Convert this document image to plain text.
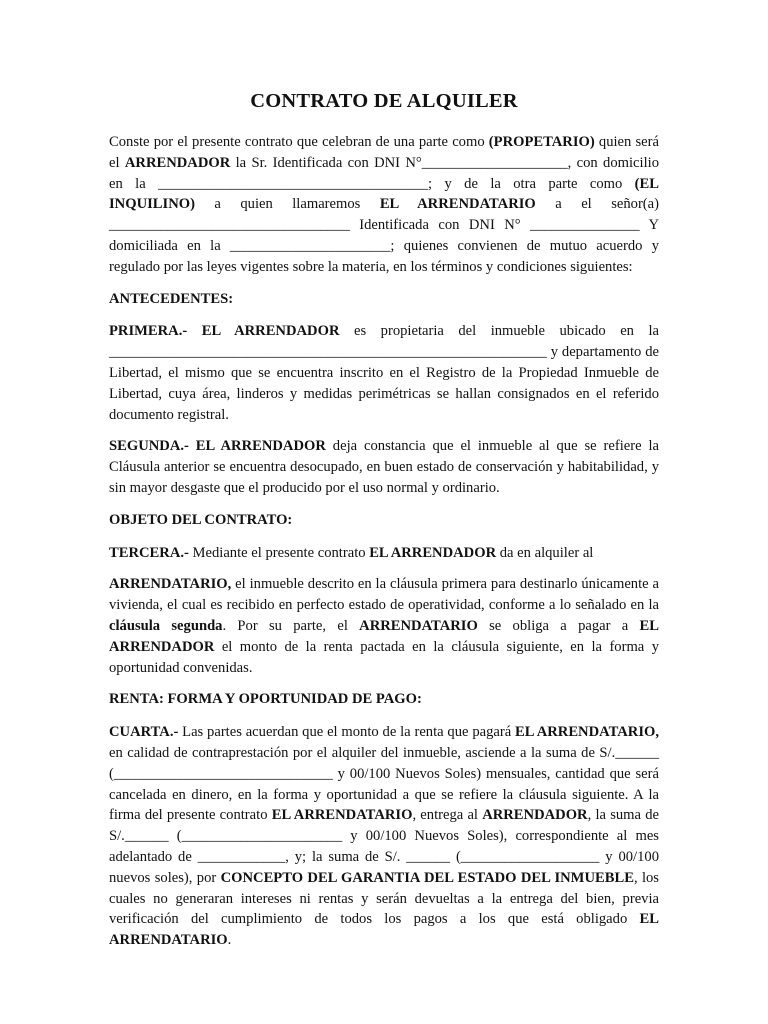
CONTRATO DE ALQUILER

Conste por el presente contrato que celebran de una parte como (PROPETARIO) quien será el ARRENDADOR la Sr. Identificada con DNI N°____________________, con domicilio en la _____________________________________; y de la otra parte como (EL INQUILINO) a quien llamaremos EL ARRENDATARIO a el señor(a) _________________________________ Identificada con DNI N° _______________ Y domiciliada en la ______________________; quienes convienen de mutuo acuerdo y regulado por las leyes vigentes sobre la materia, en los términos y condiciones siguientes:

ANTECEDENTES:

PRIMERA.- EL ARRENDADOR es propietaria del inmueble ubicado en la ____________________________________________________________ y departamento de Libertad, el mismo que se encuentra inscrito en el Registro de la Propiedad Inmueble de Libertad, cuya área, linderos y medidas perimétricas se hallan consignados en el referido documento registral.

SEGUNDA.- EL ARRENDADOR deja constancia que el inmueble al que se refiere la Cláusula anterior se encuentra desocupado, en buen estado de conservación y habitabilidad, y sin mayor desgaste que el producido por el uso normal y ordinario.

OBJETO DEL CONTRATO:

TERCERA.- Mediante el presente contrato EL ARRENDADOR da en alquiler al

ARRENDATARIO, el inmueble descrito en la cláusula primera para destinarlo únicamente a vivienda, el cual es recibido en perfecto estado de operatividad, conforme a lo señalado en la cláusula segunda. Por su parte, el ARRENDATARIO se obliga a pagar a EL ARRENDADOR el monto de la renta pactada en la cláusula siguiente, en la forma y oportunidad convenidas.

RENTA: FORMA Y OPORTUNIDAD DE PAGO:

CUARTA.- Las partes acuerdan que el monto de la renta que pagará EL ARRENDATARIO, en calidad de contraprestación por el alquiler del inmueble, asciende a la suma de S/.______ (______________________________ y 00/100 Nuevos Soles) mensuales, cantidad que será cancelada en dinero, en la forma y oportunidad a que se refiere la cláusula siguiente. A la firma del presente contrato EL ARRENDATARIO, entrega al ARRENDADOR, la suma de S/.______ (______________________ y 00/100 Nuevos Soles), correspondiente al mes adelantado de ____________, y; la suma de S/. ______ (___________________ y 00/100 nuevos soles), por CONCEPTO DEL GARANTIA DEL ESTADO DEL INMUEBLE, los cuales no generaran intereses ni rentas y serán devueltas a la entrega del bien, previa verificación del cumplimiento de todos los pagos a los que está obligado EL ARRENDATARIO.
